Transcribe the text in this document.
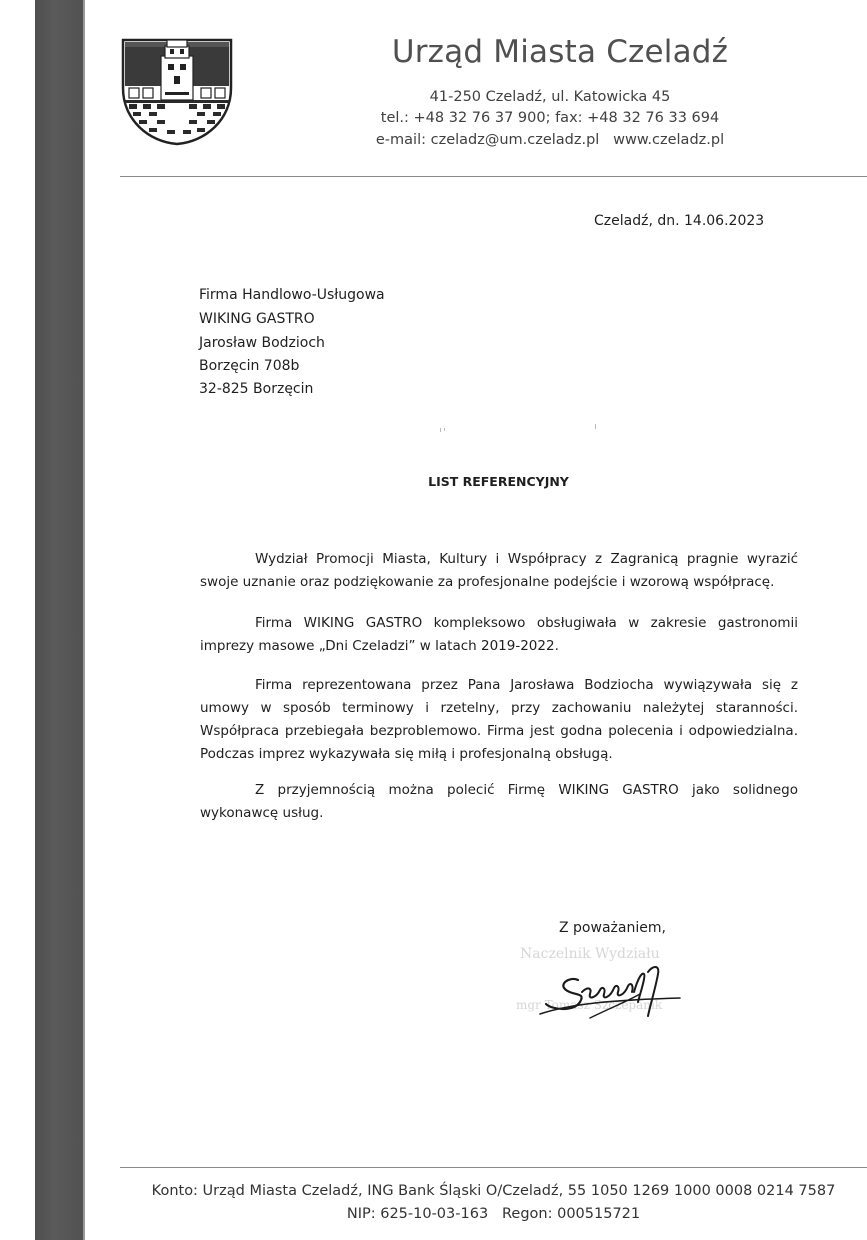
Urząd Miasta Czeladź
41-250 Czeladź, ul. Katowicka 45
tel.: +48 32 76 37 900; fax: +48 32 76 33 694
e-mail: czeladz@um.czeladz.pl   www.czeladz.pl
Czeladź, dn. 14.06.2023
Firma Handlowo-Usługowa
WIKING GASTRO
Jarosław Bodzioch
Borzęcin 708b
32-825 Borzęcin
LIST REFERENCYJNY

Wydział Promocji Miasta, Kultury i Współpracy z Zagranicą pragnie wyrazić swoje uznanie oraz podziękowanie za profesjonalne podejście i wzorową współpracę.

Firma WIKING GASTRO kompleksowo obsługiwała w zakresie gastronomii imprezy masowe „Dni Czeladzi” w latach 2019-2022.

Firma reprezentowana przez Pana Jarosława Bodziocha wywiązywała się z umowy w sposób terminowy i rzetelny, przy zachowaniu należytej staranności. Współpraca przebiegała bezproblemowo. Firma jest godna polecenia i odpowiedzialna. Podczas imprez wykazywała się miłą i profesjonalną obsługą.

Z przyjemnością można polecić Firmę WIKING GASTRO jako solidnego wykonawcę usług.

Z poważaniem,
Naczelnik Wydziału
mgr Tomasz Szczepanik
Konto: Urząd Miasta Czeladź, ING Bank Śląski O/Czeladź, 55 1050 1269 1000 0008 0214 7587
NIP: 625-10-03-163   Regon: 000515721
